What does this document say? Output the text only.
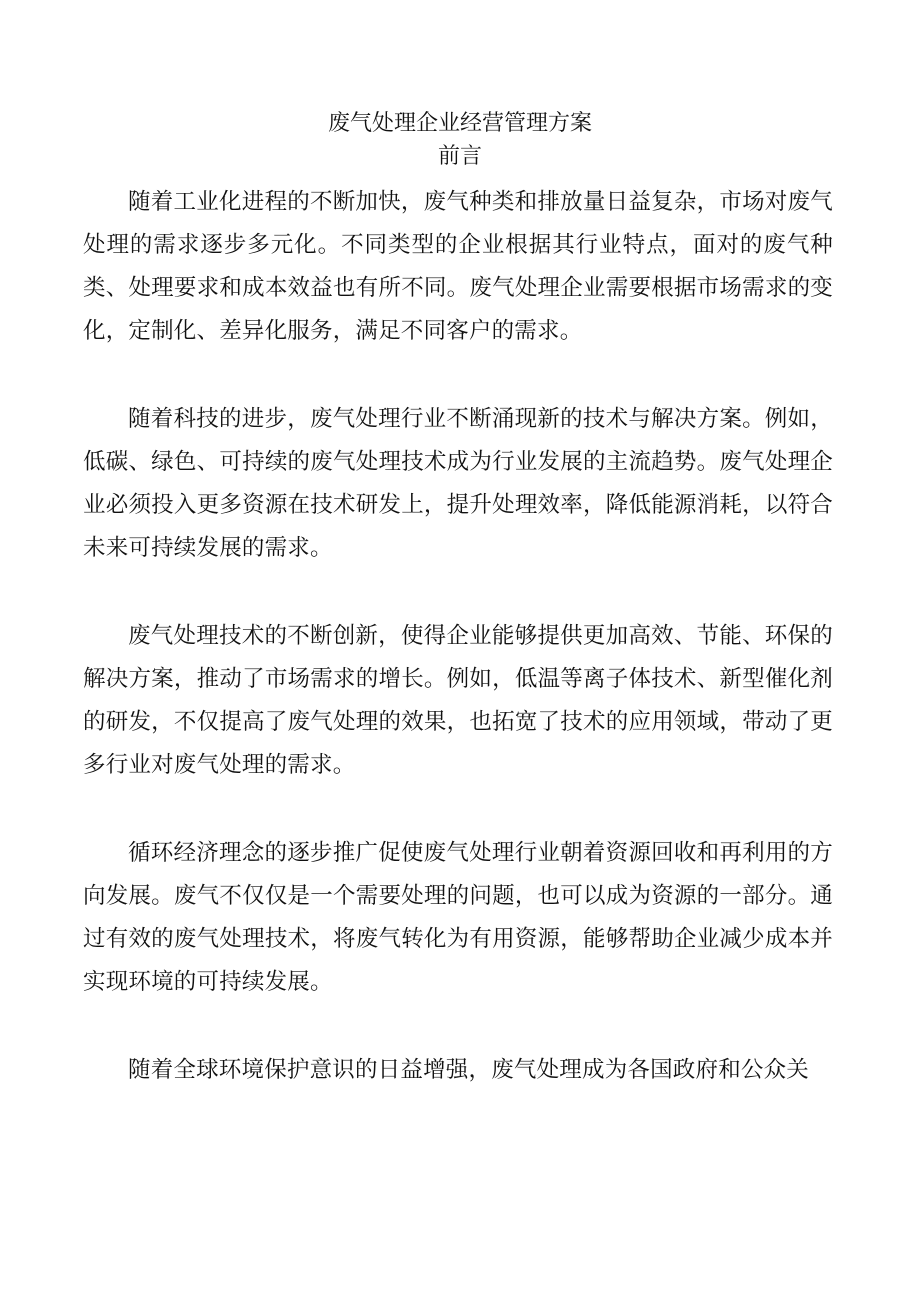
废气处理企业经营管理方案
前言

随着工业化进程的不断加快，废气种类和排放量日益复杂，市场对废气处理的需求逐步多元化。不同类型的企业根据其行业特点，面对的废气种类、处理要求和成本效益也有所不同。废气处理企业需要根据市场需求的变化，定制化、差异化服务，满足不同客户的需求。

随着科技的进步，废气处理行业不断涌现新的技术与解决方案。例如，低碳、绿色、可持续的废气处理技术成为行业发展的主流趋势。废气处理企业必须投入更多资源在技术研发上，提升处理效率，降低能源消耗，以符合未来可持续发展的需求。

废气处理技术的不断创新，使得企业能够提供更加高效、节能、环保的解决方案，推动了市场需求的增长。例如，低温等离子体技术、新型催化剂的研发，不仅提高了废气处理的效果，也拓宽了技术的应用领域，带动了更多行业对废气处理的需求。

循环经济理念的逐步推广促使废气处理行业朝着资源回收和再利用的方向发展。废气不仅仅是一个需要处理的问题，也可以成为资源的一部分。通过有效的废气处理技术，将废气转化为有用资源，能够帮助企业减少成本并实现环境的可持续发展。

随着全球环境保护意识的日益增强，废气处理成为各国政府和公众关
